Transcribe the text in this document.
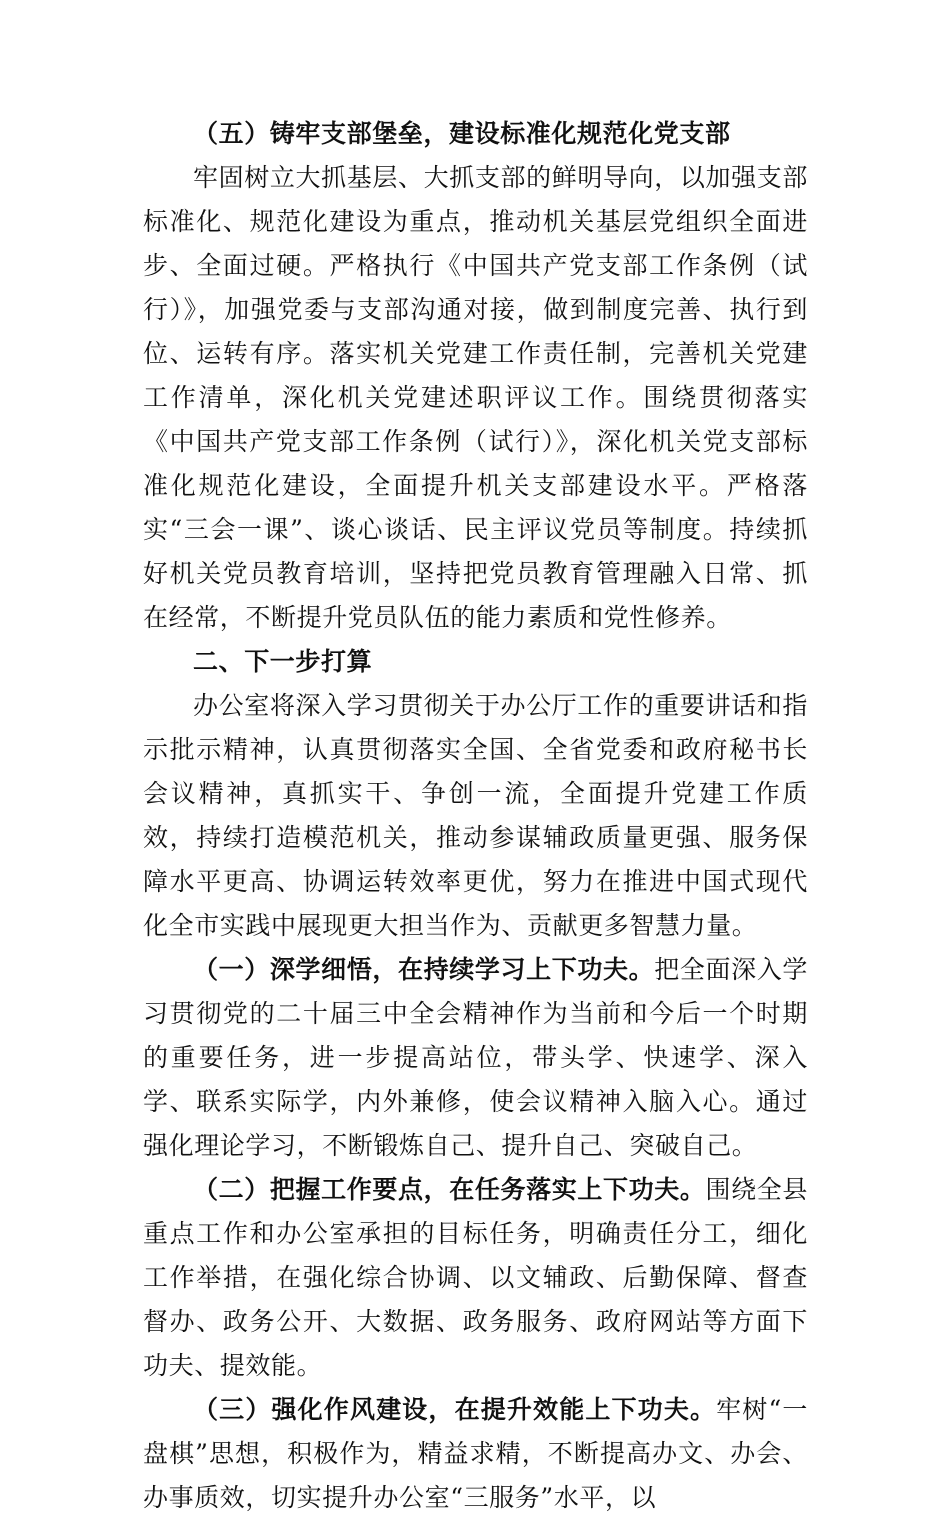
（五）铸牢支部堡垒，建设标准化规范化党支部

牢固树立大抓基层、大抓支部的鲜明导向，以加强支部标准化、规范化建设为重点，推动机关基层党组织全面进步、全面过硬。严格执行《中国共产党支部工作条例（试行）》，加强党委与支部沟通对接，做到制度完善、执行到位、运转有序。落实机关党建工作责任制，完善机关党建工作清单，深化机关党建述职评议工作。围绕贯彻落实《中国共产党支部工作条例（试行）》，深化机关党支部标准化规范化建设，全面提升机关支部建设水平。严格落实“三会一课”、谈心谈话、民主评议党员等制度。持续抓好机关党员教育培训，坚持把党员教育管理融入日常、抓在经常，不断提升党员队伍的能力素质和党性修养。

二、下一步打算

办公室将深入学习贯彻关于办公厅工作的重要讲话和指示批示精神，认真贯彻落实全国、全省党委和政府秘书长会议精神，真抓实干、争创一流，全面提升党建工作质效，持续打造模范机关，推动参谋辅政质量更强、服务保障水平更高、协调运转效率更优，努力在推进中国式现代化全市实践中展现更大担当作为、贡献更多智慧力量。

（一）深学细悟，在持续学习上下功夫。把全面深入学习贯彻党的二十届三中全会精神作为当前和今后一个时期的重要任务，进一步提高站位，带头学、快速学、深入学、联系实际学，内外兼修，使会议精神入脑入心。通过强化理论学习，不断锻炼自己、提升自己、突破自己。

（二）把握工作要点，在任务落实上下功夫。围绕全县重点工作和办公室承担的目标任务，明确责任分工，细化工作举措，在强化综合协调、以文辅政、后勤保障、督查督办、政务公开、大数据、政务服务、政府网站等方面下功夫、提效能。

（三）强化作风建设，在提升效能上下功夫。牢树“一盘棋”思想，积极作为，精益求精，不断提高办文、办会、办事质效，切实提升办公室“三服务”水平，以
